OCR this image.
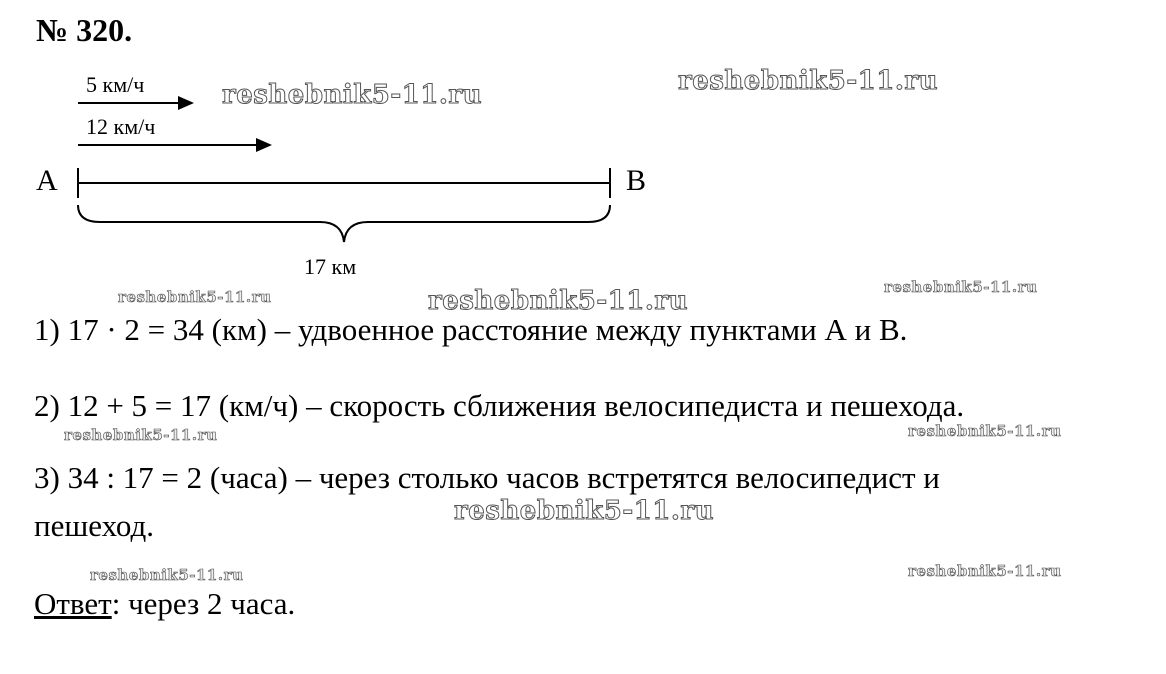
№ 320.
5 км/ч
12 км/ч
A	B
17 км
1) 17 · 2 = 34 (км) – удвоенное расстояние между пунктами А и В.
2) 12 + 5 = 17 (км/ч) – скорость сближения велосипедиста и пешехода.
3) 34 : 17 = 2 (часа) – через столько часов встретятся велосипедист и
пешеход.
Ответ: через 2 часа.
reshebnik5-11.ru	reshebnik5-11.ru
reshebnik5-11.ru
reshebnik5-11.ru
reshebnik5-11.ru
reshebnik5-11.ru
reshebnik5-11.ru	reshebnik5-11.ru
reshebnik5-11.ru	reshebnik5-11.ru
